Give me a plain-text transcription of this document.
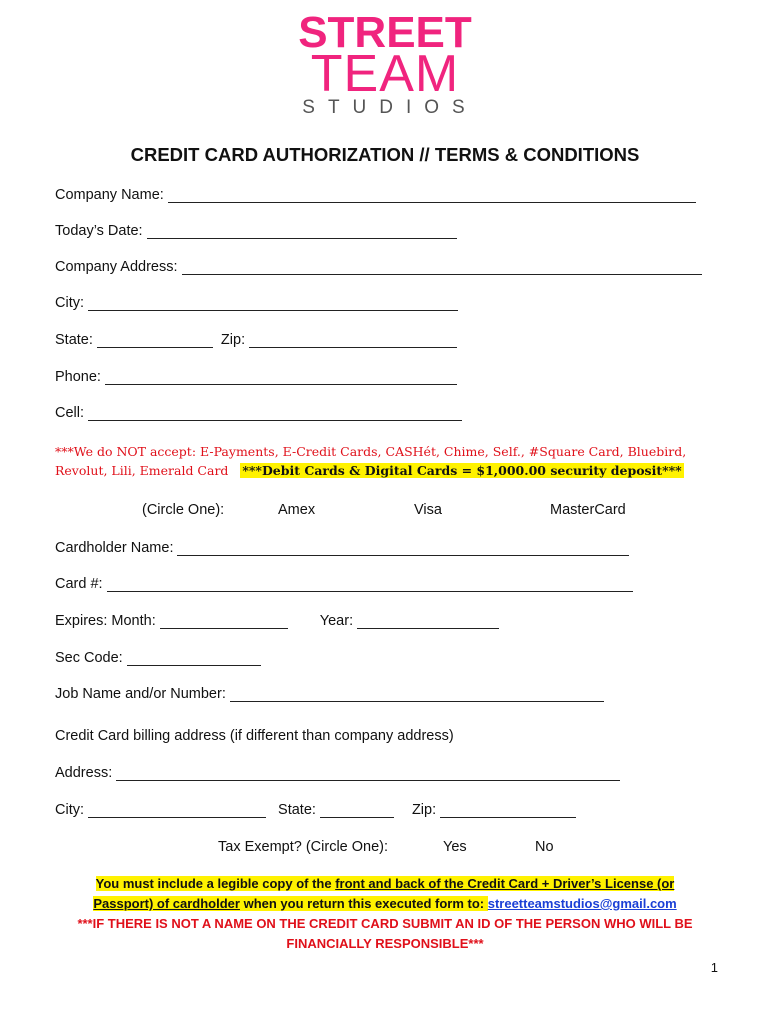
STREET
TEAM
STUDIOS
CREDIT CARD AUTHORIZATION // TERMS & CONDITIONS
Company Name:
Today’s Date:
Company Address:
City:
State:	Zip:
Phone:
Cell:
***We do NOT accept: E-Payments, E-Credit Cards, CASHét, Chime, Self., #Square Card, Bluebird,
Revolut, Lili, Emerald Card ***Debit Cards & Digital Cards = $1,000.00 security deposit***
(Circle One):	Amex	Visa	MasterCard
Cardholder Name:
Card #:
Expires: Month:	Year:
Sec Code:
Job Name and/or Number:
Credit Card billing address (if different than company address)
Address:
City:	State:	Zip:
Tax Exempt? (Circle One):	Yes	No
You must include a legible copy of the front and back of the Credit Card + Driver’s License (or
Passport) of cardholder when you return this executed form to: streetteamstudios@gmail.com
***IF THERE IS NOT A NAME ON THE CREDIT CARD SUBMIT AN ID OF THE PERSON WHO WILL BE
FINANCIALLY RESPONSIBLE***
1
